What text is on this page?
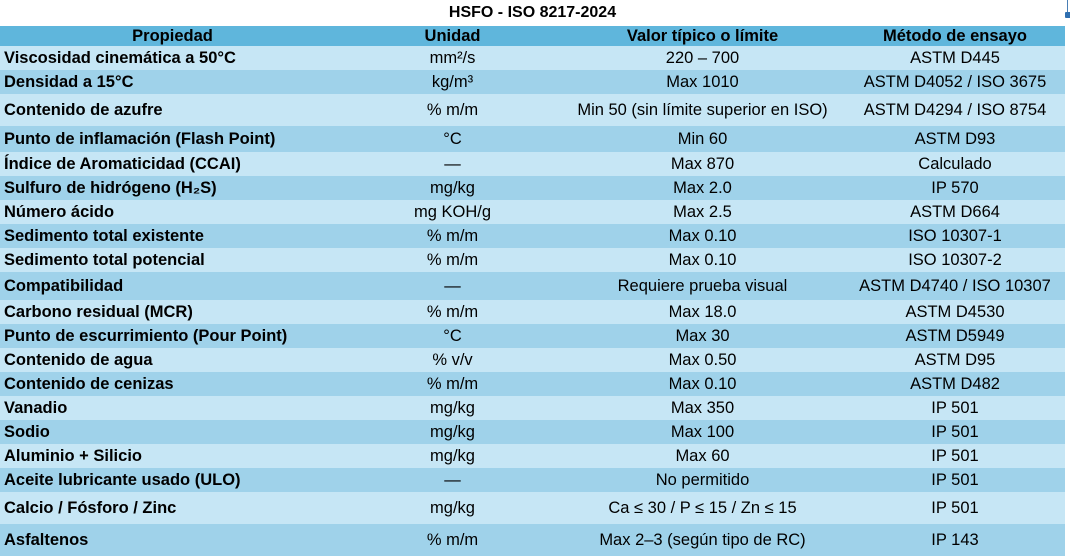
HSFO - ISO 8217-2024
Propiedad	Unidad	Valor típico o límite	Método de ensayo
Viscosidad cinemática a 50°C	mm²/s	220 – 700	ASTM D445
Densidad a 15°C	kg/m³	Max 1010	ASTM D4052 / ISO 3675
Contenido de azufre	% m/m	Min 50 (sin límite superior en ISO)	ASTM D4294 / ISO 8754
Punto de inflamación (Flash Point)	°C	Min 60	ASTM D93
Índice de Aromaticidad (CCAI)	—	Max 870	Calculado
Sulfuro de hidrógeno (H₂S)	mg/kg	Max 2.0	IP 570
Número ácido	mg KOH/g	Max 2.5	ASTM D664
Sedimento total existente	% m/m	Max 0.10	ISO 10307-1
Sedimento total potencial	% m/m	Max 0.10	ISO 10307-2
Compatibilidad	—	Requiere prueba visual	ASTM D4740 / ISO 10307
Carbono residual (MCR)	% m/m	Max 18.0	ASTM D4530
Punto de escurrimiento (Pour Point)	°C	Max 30	ASTM D5949
Contenido de agua	% v/v	Max 0.50	ASTM D95
Contenido de cenizas	% m/m	Max 0.10	ASTM D482
Vanadio	mg/kg	Max 350	IP 501
Sodio	mg/kg	Max 100	IP 501
Aluminio + Silicio	mg/kg	Max 60	IP 501
Aceite lubricante usado (ULO)	—	No permitido	IP 501
Calcio / Fósforo / Zinc	mg/kg	Ca ≤ 30 / P ≤ 15 / Zn ≤ 15	IP 501
Asfaltenos	% m/m	Max 2–3 (según tipo de RC)	IP 143
